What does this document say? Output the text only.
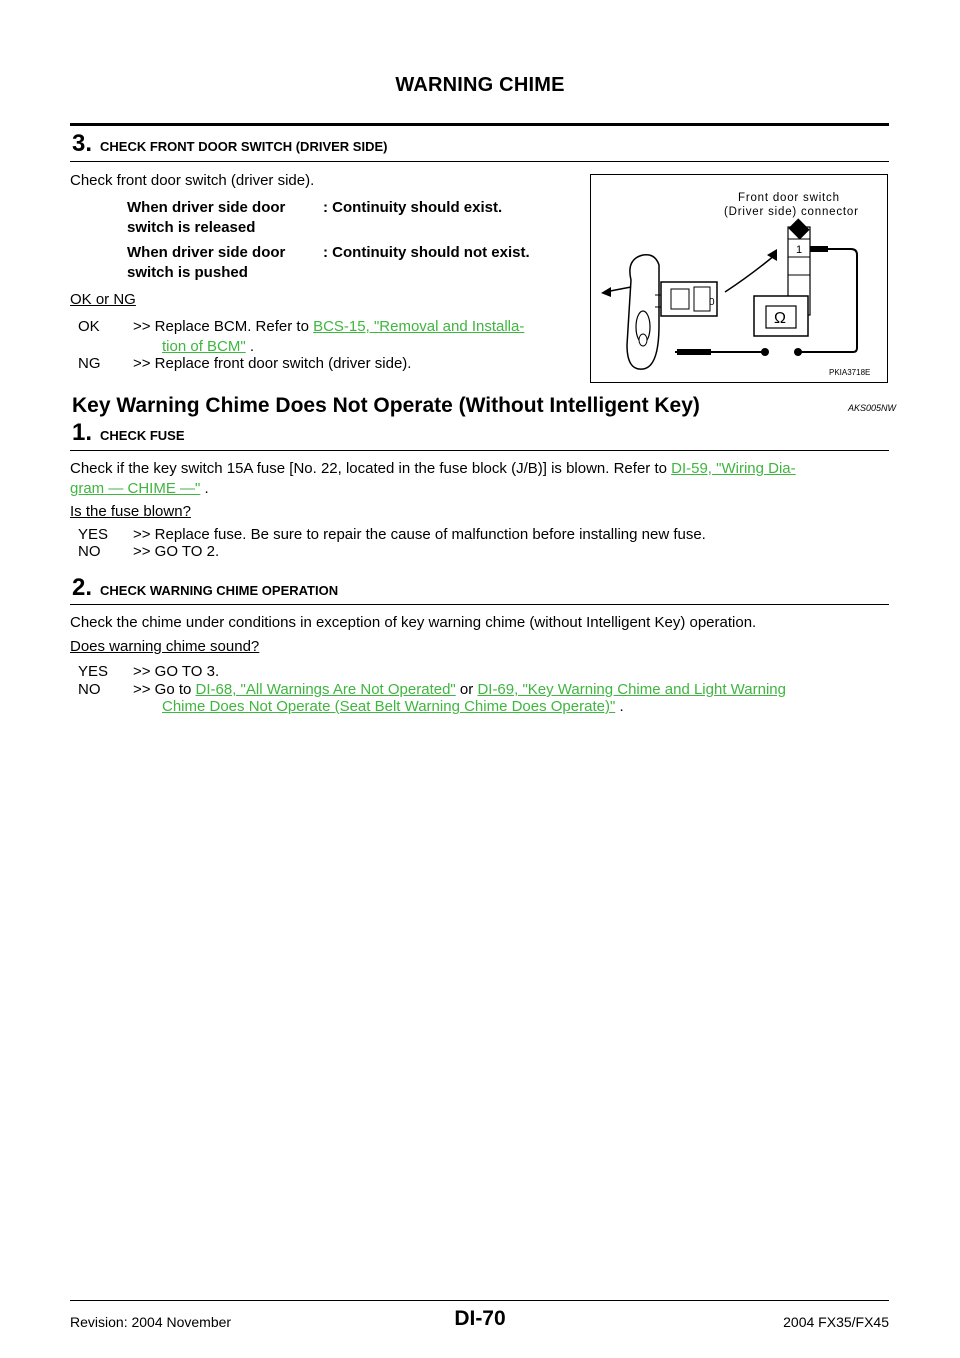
WARNING CHIME
3. CHECK FRONT DOOR SWITCH (DRIVER SIDE)
Check front door switch (driver side).
When driver side door
switch is released
: Continuity should exist.
When driver side door
switch is pushed
: Continuity should not exist.
OK or NG
OK >> Replace BCM. Refer to BCS-15, "Removal and Installa-
tion of BCM" .
NG >> Replace front door switch (driver side).
Front door switch
(Driver side) connector
1
Ω
0
PKIA3718E
Key Warning Chime Does Not Operate (Without Intelligent Key)	AKS005NW
1. CHECK FUSE
Check if the key switch 15A fuse [No. 22, located in the fuse block (J/B)] is blown. Refer to DI-59, "Wiring Dia-
gram — CHIME —" .
Is the fuse blown?
YES >> Replace fuse. Be sure to repair the cause of malfunction before installing new fuse.
NO >> GO TO 2.
2. CHECK WARNING CHIME OPERATION
Check the chime under conditions in exception of key warning chime (without Intelligent Key) operation.
Does warning chime sound?
YES >> GO TO 3.
NO >> Go to DI-68, "All Warnings Are Not Operated" or DI-69, "Key Warning Chime and Light Warning
Chime Does Not Operate (Seat Belt Warning Chime Does Operate)" .
Revision: 2004 November	DI-70	2004 FX35/FX45
